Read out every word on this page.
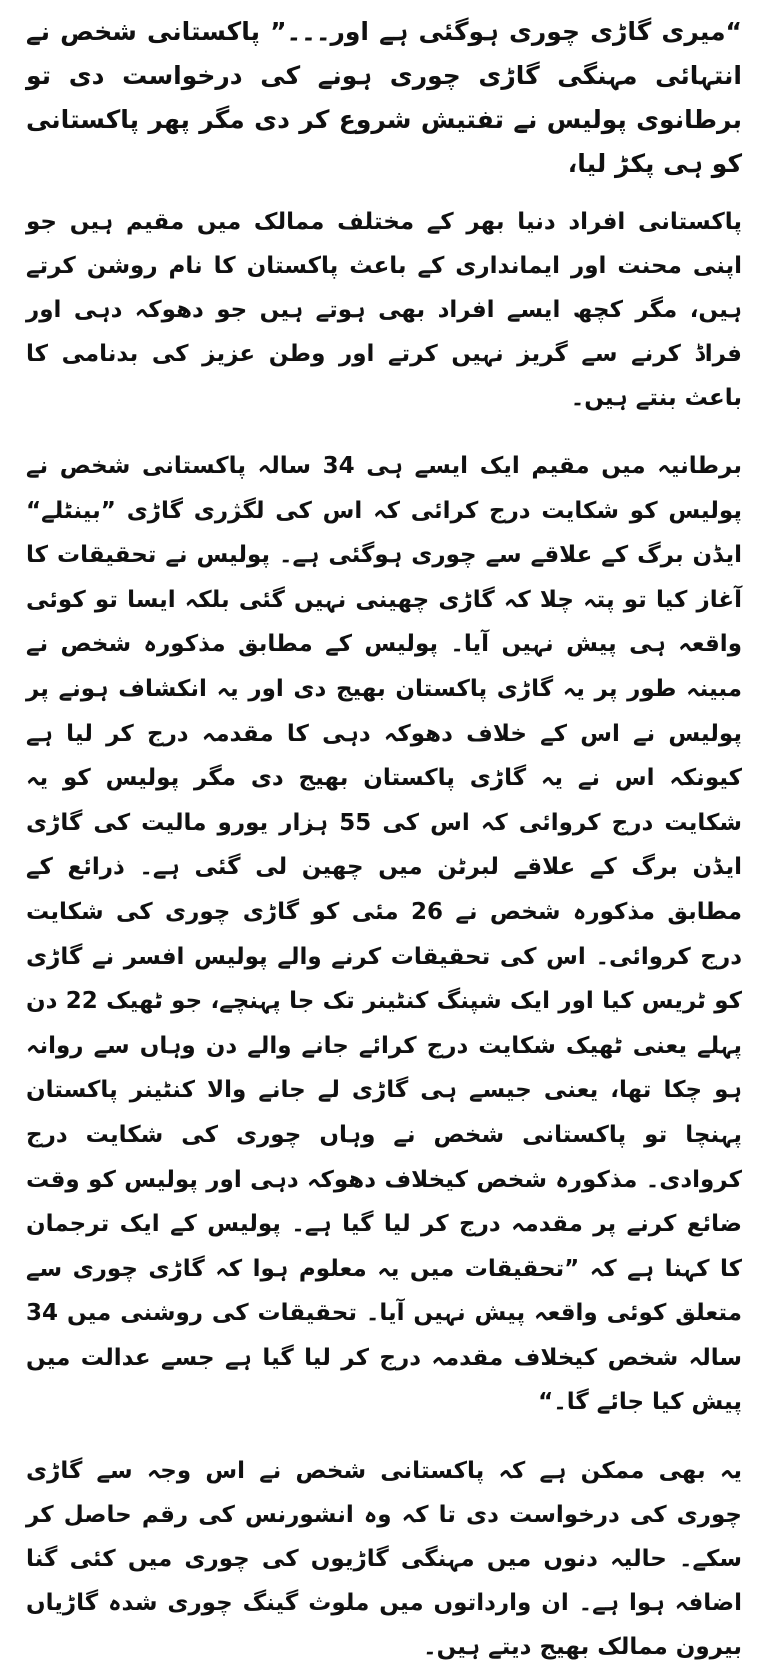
“میری گاڑی چوری ہوگئی ہے اور۔۔۔” پاکستانی شخص نے انتہائی مہنگی گاڑی چوری ہونے کی درخواست دی تو برطانوی پولیس نے تفتیش شروع کر دی مگر پھر پاکستانی کو ہی پکڑ لیا،

پاکستانی افراد دنیا بھر کے مختلف ممالک میں مقیم ہیں جو اپنی محنت اور ایمانداری کے باعث پاکستان کا نام روشن کرتے ہیں، مگر کچھ ایسے افراد بھی ہوتے ہیں جو دھوکہ دہی اور فراڈ کرنے سے گریز نہیں کرتے اور وطن عزیز کی بدنامی کا باعث بنتے ہیں۔

برطانیہ میں مقیم ایک ایسے ہی 34 سالہ پاکستانی شخص نے پولیس کو شکایت درج کرائی کہ اس کی لگژری گاڑی ”بینٹلے“ ایڈن برگ کے علاقے سے چوری ہوگئی ہے۔ پولیس نے تحقیقات کا آغاز کیا تو پتہ چلا کہ گاڑی چھینی نہیں گئی بلکہ ایسا تو کوئی واقعہ ہی پیش نہیں آیا۔ پولیس کے مطابق مذکورہ شخص نے مبینہ طور پر یہ گاڑی پاکستان بھیج دی اور یہ انکشاف ہونے پر پولیس نے اس کے خلاف دھوکہ دہی کا مقدمہ درج کر لیا ہے کیونکہ اس نے یہ گاڑی پاکستان بھیج دی مگر پولیس کو یہ شکایت درج کروائی کہ اس کی 55 ہزار یورو مالیت کی گاڑی ایڈن برگ کے علاقے لبرٹن میں چھین لی گئی ہے۔ ذرائع کے مطابق مذکورہ شخص نے 26 مئی کو گاڑی چوری کی شکایت درج کروائی۔ اس کی تحقیقات کرنے والے پولیس افسر نے گاڑی کو ٹریس کیا اور ایک شپنگ کنٹینر تک جا پہنچے، جو ٹھیک 22 دن پہلے یعنی ٹھیک شکایت درج کرائے جانے والے دن وہاں سے روانہ ہو چکا تھا، یعنی جیسے ہی گاڑی لے جانے والا کنٹینر پاکستان پہنچا تو پاکستانی شخص نے وہاں چوری کی شکایت درج کروادی۔ مذکورہ شخص کیخلاف دھوکہ دہی اور پولیس کو وقت ضائع کرنے پر مقدمہ درج کر لیا گیا ہے۔ پولیس کے ایک ترجمان کا کہنا ہے کہ ”تحقیقات میں یہ معلوم ہوا کہ گاڑی چوری سے متعلق کوئی واقعہ پیش نہیں آیا۔ تحقیقات کی روشنی میں 34 سالہ شخص کیخلاف مقدمہ درج کر لیا گیا ہے جسے عدالت میں پیش کیا جائے گا۔“

یہ بھی ممکن ہے کہ پاکستانی شخص نے اس وجہ سے گاڑی چوری کی درخواست دی تا کہ وہ انشورنس کی رقم حاصل کر سکے۔ حالیہ دنوں میں مہنگی گاڑیوں کی چوری میں کئی گنا اضافہ ہوا ہے۔ ان وارداتوں میں ملوث گینگ چوری شدہ گاڑیاں بیرون ممالک بھیج دیتے ہیں۔
